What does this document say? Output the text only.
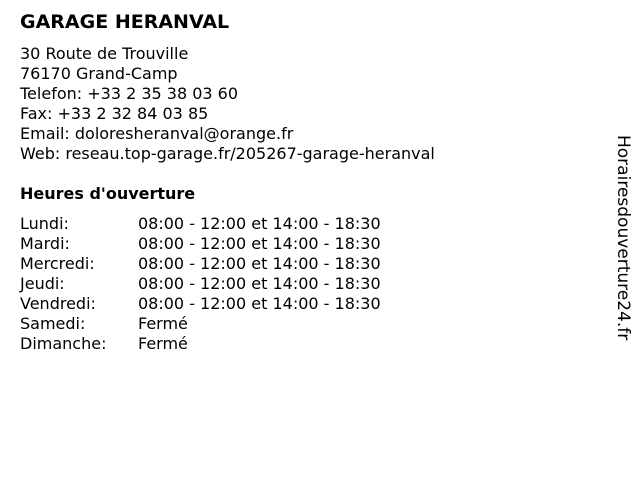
GARAGE HERANVAL
30 Route de Trouville
76170 Grand-Camp
Telefon: +33 2 35 38 03 60
Fax: +33 2 32 84 03 85
Email: doloresheranval@orange.fr
Web: reseau.top-garage.fr/205267-garage-heranval
Heures d'ouverture
Lundi:	08:00 - 12:00 et 14:00 - 18:30
Mardi:	08:00 - 12:00 et 14:00 - 18:30
Mercredi:	08:00 - 12:00 et 14:00 - 18:30
Jeudi:	08:00 - 12:00 et 14:00 - 18:30
Vendredi:	08:00 - 12:00 et 14:00 - 18:30
Samedi:	Fermé
Dimanche: Fermé
Horairesdouverture24.fr
